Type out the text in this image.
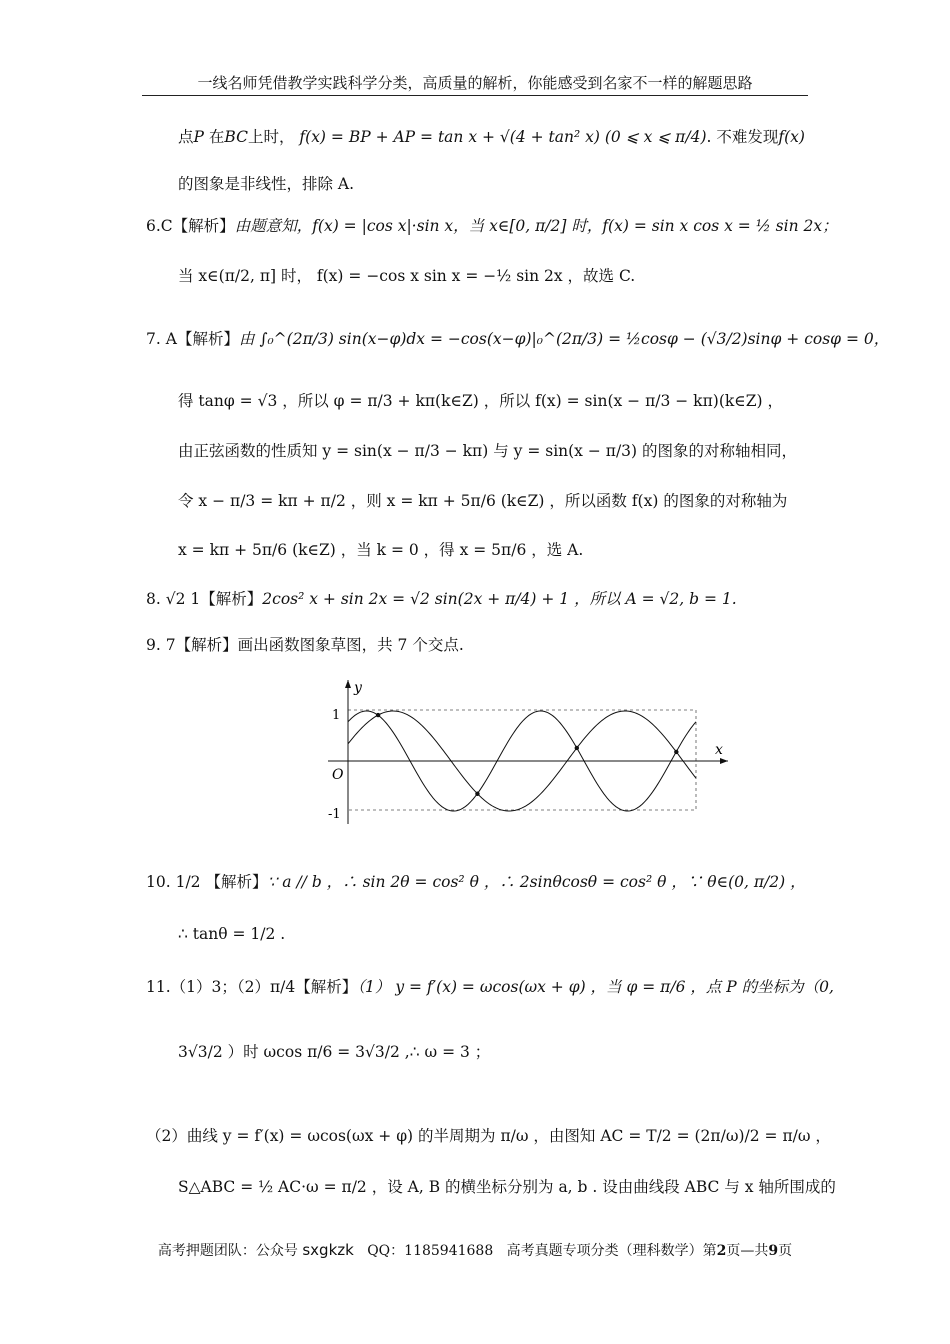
一线名师凭借教学实践科学分类，高质量的解析，你能感受到名家不一样的解题思路
点P 在BC上时， f(x) = BP + AP = tan x + √(4 + tan² x) (0 ⩽ x ⩽ π/4). 不难发现f(x)
的图象是非线性，排除 A.
6.C【解析】由题意知，f(x) = |cos x|·sin x，当 x∈[0, π/2] 时，f(x) = sin x cos x = ½ sin 2x；
当 x∈(π/2, π] 时， f(x) = −cos x sin x = −½ sin 2x ，故选 C.
7. A【解析】由 ∫₀^(2π/3) sin(x−φ)dx = −cos(x−φ)|₀^(2π/3) = ½cosφ − (√3/2)sinφ + cosφ = 0，
得 tanφ = √3 ，所以 φ = π/3 + kπ(k∈Z) ，所以 f(x) = sin(x − π/3 − kπ)(k∈Z) ，
由正弦函数的性质知 y = sin(x − π/3 − kπ) 与 y = sin(x − π/3) 的图象的对称轴相同，
令 x − π/3 = kπ + π/2 ，则 x = kπ + 5π/6 (k∈Z) ，所以函数 f(x) 的图象的对称轴为
x = kπ + 5π/6 (k∈Z) ，当 k = 0 ，得 x = 5π/6 ，选 A.
8. √2 1【解析】2cos² x + sin 2x = √2 sin(2x + π/4) + 1 ，所以 A = √2, b = 1.
9. 7【解析】画出函数图象草图，共 7 个交点.
y
x
O
1
-1
10. 1/2 【解析】∵ a // b ，∴ sin 2θ = cos² θ ，∴ 2sinθcosθ = cos² θ ，∵ θ∈(0, π/2) ，
∴ tanθ = 1/2 .
11.（1）3；（2）π/4【解析】（1） y = f′(x) = ωcos(ωx + φ) ，当 φ = π/6 ，点 P 的坐标为（0,
3√3/2 ）时 ωcos π/6 = 3√3/2 ,∴ ω = 3 ；
（2）曲线 y = f′(x) = ωcos(ωx + φ) 的半周期为 π/ω ，由图知 AC = T/2 = (2π/ω)/2 = π/ω ，
S△ABC = ½ AC·ω = π/2 ，设 A, B 的横坐标分别为 a, b . 设由曲线段 ABC 与 x 轴所围成的
高考押题团队：公众号 sxgkzk QQ：1185941688 高考真题专项分类（理科数学）第2页—共9页
